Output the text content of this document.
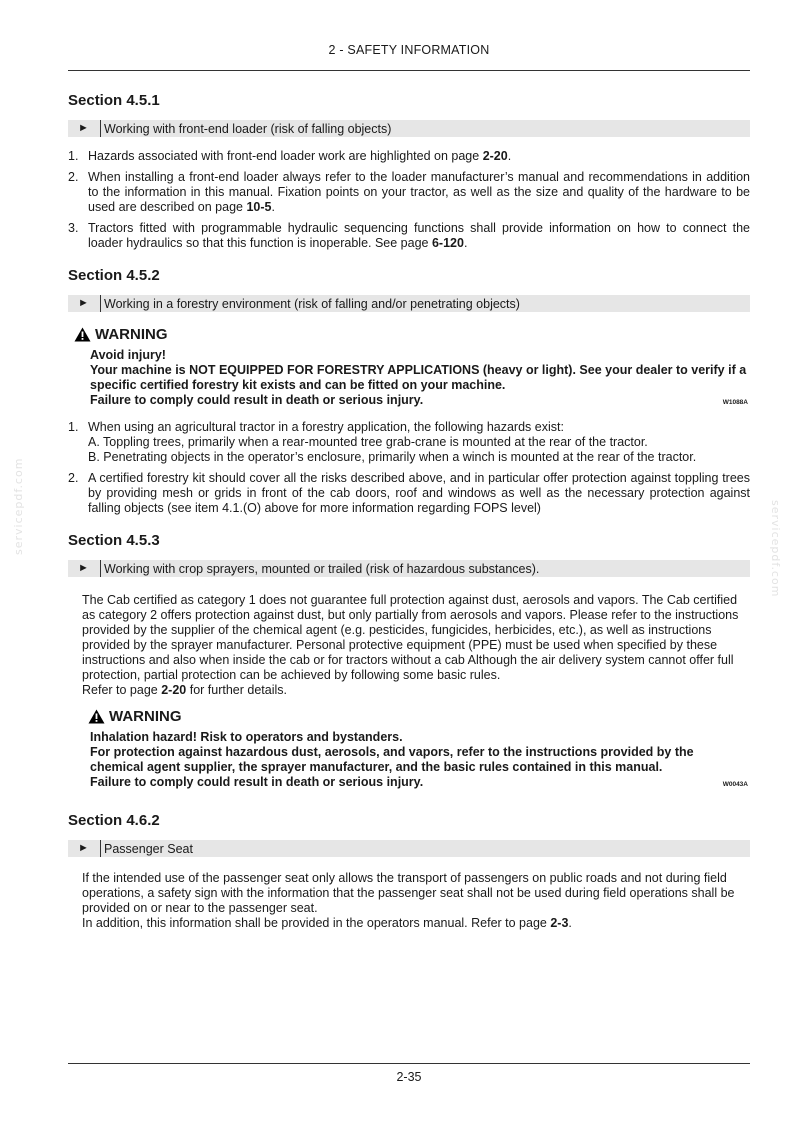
2 - SAFETY INFORMATION
servicepdf.com	servicepdf.com
Section 4.5.1
►	Working with front-end loader (risk of falling objects)
1. Hazards associated with front-end loader work are highlighted on page 2-20.
2. When installing a front-end loader always refer to the loader manufacturer’s manual and recommendations in addition to the information in this manual. Fixation points on your tractor, as well as the size and quality of the hardware to be used are described on page 10-5.
3. Tractors fitted with programmable hydraulic sequencing functions shall provide information on how to connect the loader hydraulics so that this function is inoperable. See page 6-120.
Section 4.5.2
►	Working in a forestry environment (risk of falling and/or penetrating objects)
WARNING
Avoid injury!
Your machine is NOT EQUIPPED FOR FORESTRY APPLICATIONS (heavy or light). See your dealer to verify if a specific certified forestry kit exists and can be fitted on your machine.
Failure to comply could result in death or serious injury.	W1088A
1. When using an agricultural tractor in a forestry application, the following hazards exist:
A. Toppling trees, primarily when a rear-mounted tree grab-crane is mounted at the rear of the tractor.
B. Penetrating objects in the operator’s enclosure, primarily when a winch is mounted at the rear of the tractor.
2. A certified forestry kit should cover all the risks described above, and in particular offer protection against toppling trees by providing mesh or grids in front of the cab doors, roof and windows as well as the necessary protection against falling objects (see item 4.1.(O) above for more information regarding FOPS level)
Section 4.5.3
►	Working with crop sprayers, mounted or trailed (risk of hazardous substances).
The Cab certified as category 1 does not guarantee full protection against dust, aerosols and vapors. The Cab certified as category 2 offers protection against dust, but only partially from aerosols and vapors. Please refer to the instructions provided by the supplier of the chemical agent (e.g. pesticides, fungicides, herbicides, etc.), as well as instructions provided by the sprayer manufacturer. Personal protective equipment (PPE) must be used when specified by these instructions and also when inside the cab or for tractors without a cab Although the air delivery system cannot offer full protection, partial protection can be achieved by following some basic rules.
Refer to page 2-20 for further details.
WARNING
Inhalation hazard! Risk to operators and bystanders.
For protection against hazardous dust, aerosols, and vapors, refer to the instructions provided by the chemical agent supplier, the sprayer manufacturer, and the basic rules contained in this manual.
Failure to comply could result in death or serious injury.	W0043A
Section 4.6.2
►	Passenger Seat
If the intended use of the passenger seat only allows the transport of passengers on public roads and not during field operations, a safety sign with the information that the passenger seat shall not be used during field operations shall be provided on or near to the passenger seat.
In addition, this information shall be provided in the operators manual. Refer to page 2-3.
2-35
